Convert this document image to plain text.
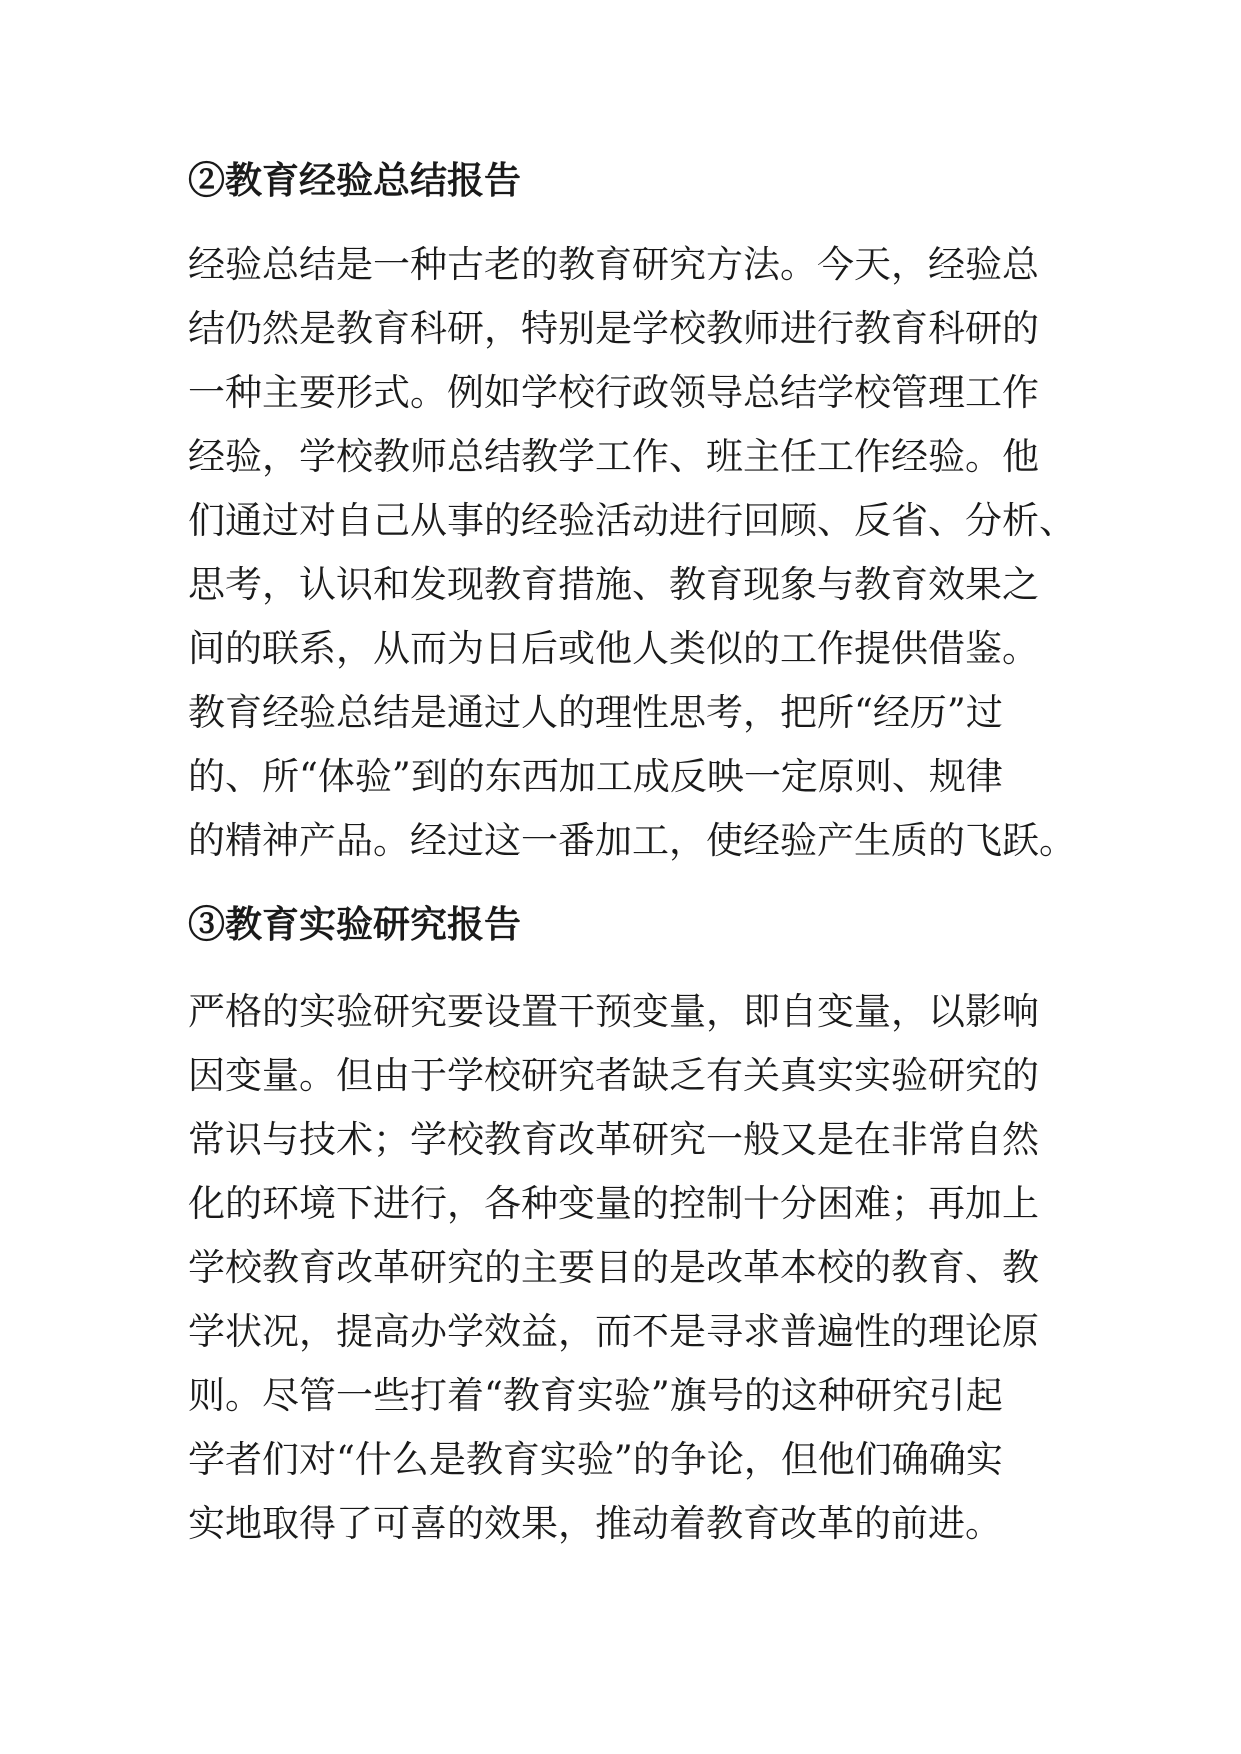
②教育经验总结报告

经验总结是一种古老的教育研究方法。今天，经验总
结仍然是教育科研，特别是学校教师进行教育科研的
一种主要形式。例如学校行政领导总结学校管理工作
经验，学校教师总结教学工作、班主任工作经验。他
们通过对自己从事的经验活动进行回顾、反省、分析、
思考，认识和发现教育措施、教育现象与教育效果之
间的联系，从而为日后或他人类似的工作提供借鉴。
教育经验总结是通过人的理性思考，把所“经历”过
的、所“体验”到的东西加工成反映一定原则、规律
的精神产品。经过这一番加工，使经验产生质的飞跃。

③教育实验研究报告

严格的实验研究要设置干预变量，即自变量，以影响
因变量。但由于学校研究者缺乏有关真实实验研究的
常识与技术；学校教育改革研究一般又是在非常自然
化的环境下进行，各种变量的控制十分困难；再加上
学校教育改革研究的主要目的是改革本校的教育、教
学状况，提高办学效益，而不是寻求普遍性的理论原
则。尽管一些打着“教育实验”旗号的这种研究引起
学者们对“什么是教育实验”的争论，但他们确确实
实地取得了可喜的效果，推动着教育改革的前进。
